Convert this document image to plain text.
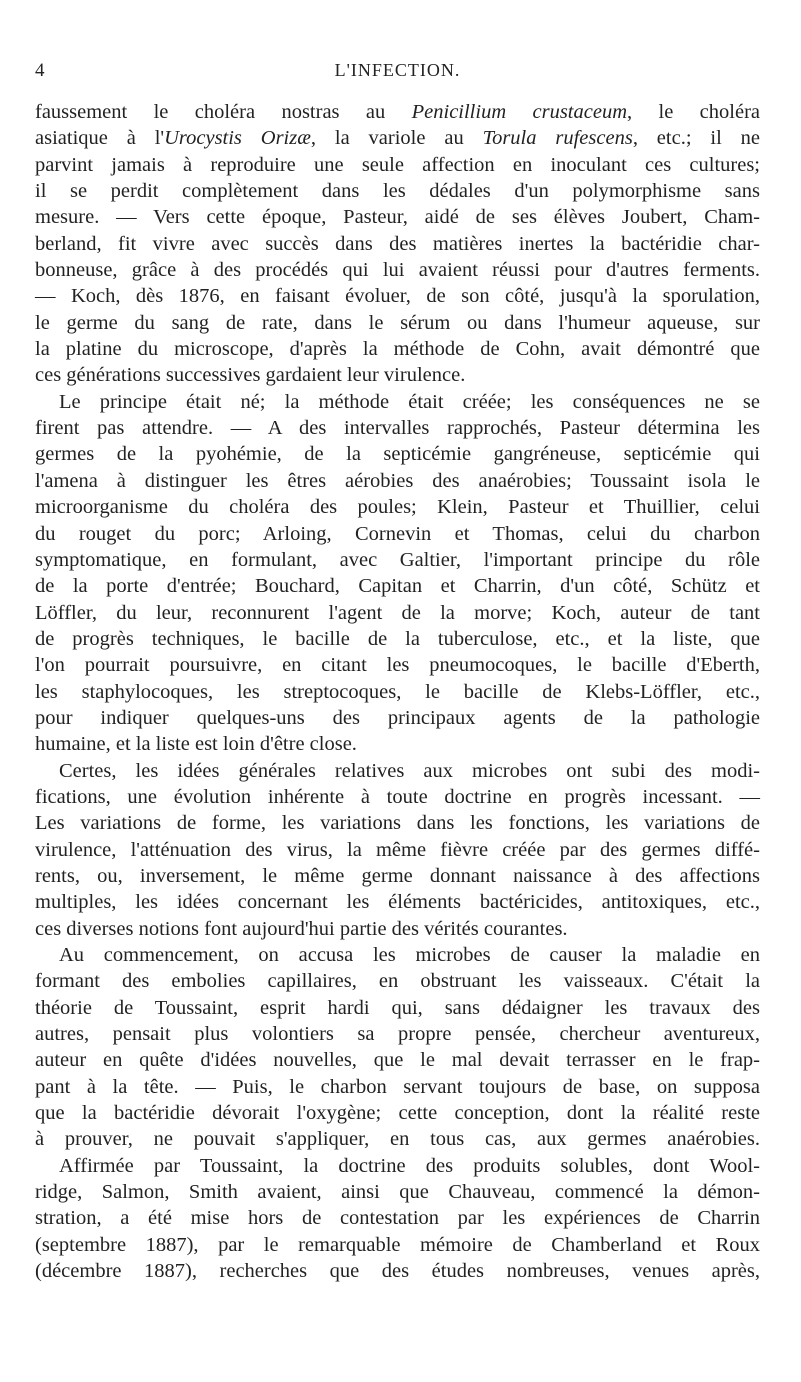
4	L'INFECTION.
faussement le choléra nostras au Penicillium crustaceum, le choléra
asiatique à l'Urocystis Orizæ, la variole au Torula rufescens, etc.; il ne
parvint jamais à reproduire une seule affection en inoculant ces cultures;
il se perdit complètement dans les dédales d'un polymorphisme sans
mesure. — Vers cette époque, Pasteur, aidé de ses élèves Joubert, Cham-
berland, fit vivre avec succès dans des matières inertes la bactéridie char-
bonneuse, grâce à des procédés qui lui avaient réussi pour d'autres ferments.
— Koch, dès 1876, en faisant évoluer, de son côté, jusqu'à la sporulation,
le germe du sang de rate, dans le sérum ou dans l'humeur aqueuse, sur
la platine du microscope, d'après la méthode de Cohn, avait démontré que
ces générations successives gardaient leur virulence.
Le principe était né; la méthode était créée; les conséquences ne se
firent pas attendre. — A des intervalles rapprochés, Pasteur détermina les
germes de la pyohémie, de la septicémie gangréneuse, septicémie qui
l'amena à distinguer les êtres aérobies des anaérobies; Toussaint isola le
microorganisme du choléra des poules; Klein, Pasteur et Thuillier, celui
du rouget du porc; Arloing, Cornevin et Thomas, celui du charbon
symptomatique, en formulant, avec Galtier, l'important principe du rôle
de la porte d'entrée; Bouchard, Capitan et Charrin, d'un côté, Schütz et
Löffler, du leur, reconnurent l'agent de la morve; Koch, auteur de tant
de progrès techniques, le bacille de la tuberculose, etc., et la liste, que
l'on pourrait poursuivre, en citant les pneumocoques, le bacille d'Eberth,
les staphylocoques, les streptocoques, le bacille de Klebs-Löffler, etc.,
pour indiquer quelques-uns des principaux agents de la pathologie
humaine, et la liste est loin d'être close.
Certes, les idées générales relatives aux microbes ont subi des modi-
fications, une évolution inhérente à toute doctrine en progrès incessant. —
Les variations de forme, les variations dans les fonctions, les variations de
virulence, l'atténuation des virus, la même fièvre créée par des germes diffé-
rents, ou, inversement, le même germe donnant naissance à des affections
multiples, les idées concernant les éléments bactéricides, antitoxiques, etc.,
ces diverses notions font aujourd'hui partie des vérités courantes.
Au commencement, on accusa les microbes de causer la maladie en
formant des embolies capillaires, en obstruant les vaisseaux. C'était la
théorie de Toussaint, esprit hardi qui, sans dédaigner les travaux des
autres, pensait plus volontiers sa propre pensée, chercheur aventureux,
auteur en quête d'idées nouvelles, que le mal devait terrasser en le frap-
pant à la tête. — Puis, le charbon servant toujours de base, on supposa
que la bactéridie dévorait l'oxygène; cette conception, dont la réalité reste
à prouver, ne pouvait s'appliquer, en tous cas, aux germes anaérobies.
Affirmée par Toussaint, la doctrine des produits solubles, dont Wool-
ridge, Salmon, Smith avaient, ainsi que Chauveau, commencé la démon-
stration, a été mise hors de contestation par les expériences de Charrin
(septembre 1887), par le remarquable mémoire de Chamberland et Roux
(décembre 1887), recherches que des études nombreuses, venues après,
